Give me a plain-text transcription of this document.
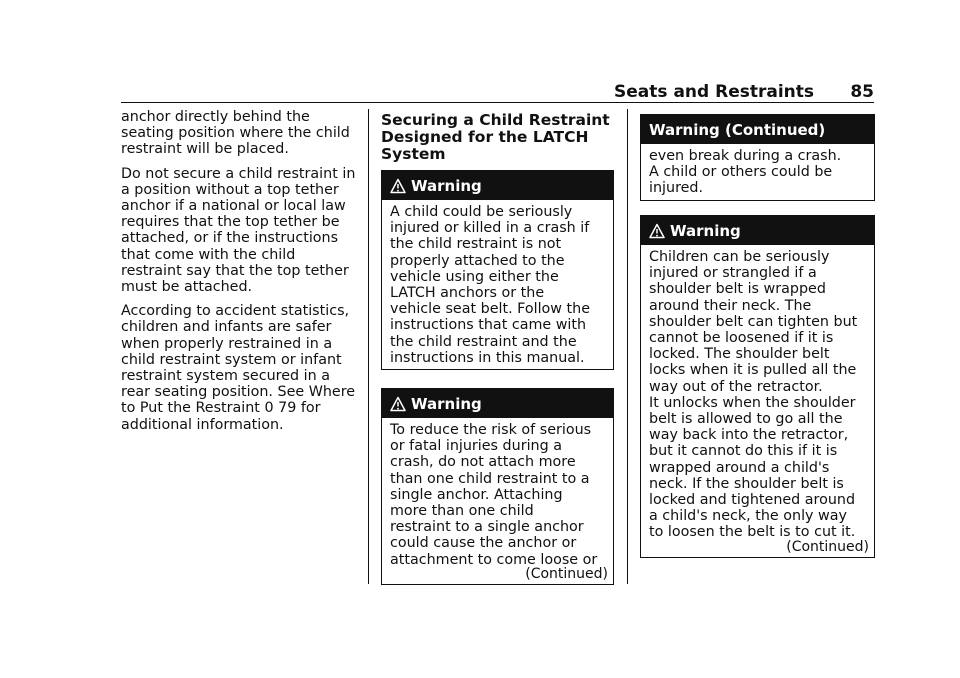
Seats and Restraints 85

anchor directly behind the seating position where the child restraint will be placed.

Do not secure a child restraint in a position without a top tether anchor if a national or local law requires that the top tether be attached, or if the instructions that come with the child restraint say that the top tether must be attached.

According to accident statistics, children and infants are safer when properly restrained in a child restraint system or infant restraint system secured in a rear seating position. See Where to Put the Restraint 0 79 for additional information.

Securing a Child Restraint Designed for the LATCH System
Warning
A child could be seriously
injured or killed in a crash if
the child restraint is not
properly attached to the
vehicle using either the
LATCH anchors or the
vehicle seat belt. Follow the
instructions that came with
the child restraint and the
instructions in this manual.
Warning
To reduce the risk of serious
or fatal injuries during a
crash, do not attach more
than one child restraint to a
single anchor. Attaching
more than one child
restraint to a single anchor
could cause the anchor or
attachment to come loose or
(Continued)
Warning (Continued)
even break during a crash.
A child or others could be
injured.
Warning
Children can be seriously
injured or strangled if a
shoulder belt is wrapped
around their neck. The
shoulder belt can tighten but
cannot be loosened if it is
locked. The shoulder belt
locks when it is pulled all the
way out of the retractor.
It unlocks when the shoulder
belt is allowed to go all the
way back into the retractor,
but it cannot do this if it is
wrapped around a child's
neck. If the shoulder belt is
locked and tightened around
a child's neck, the only way
to loosen the belt is to cut it.
(Continued)
